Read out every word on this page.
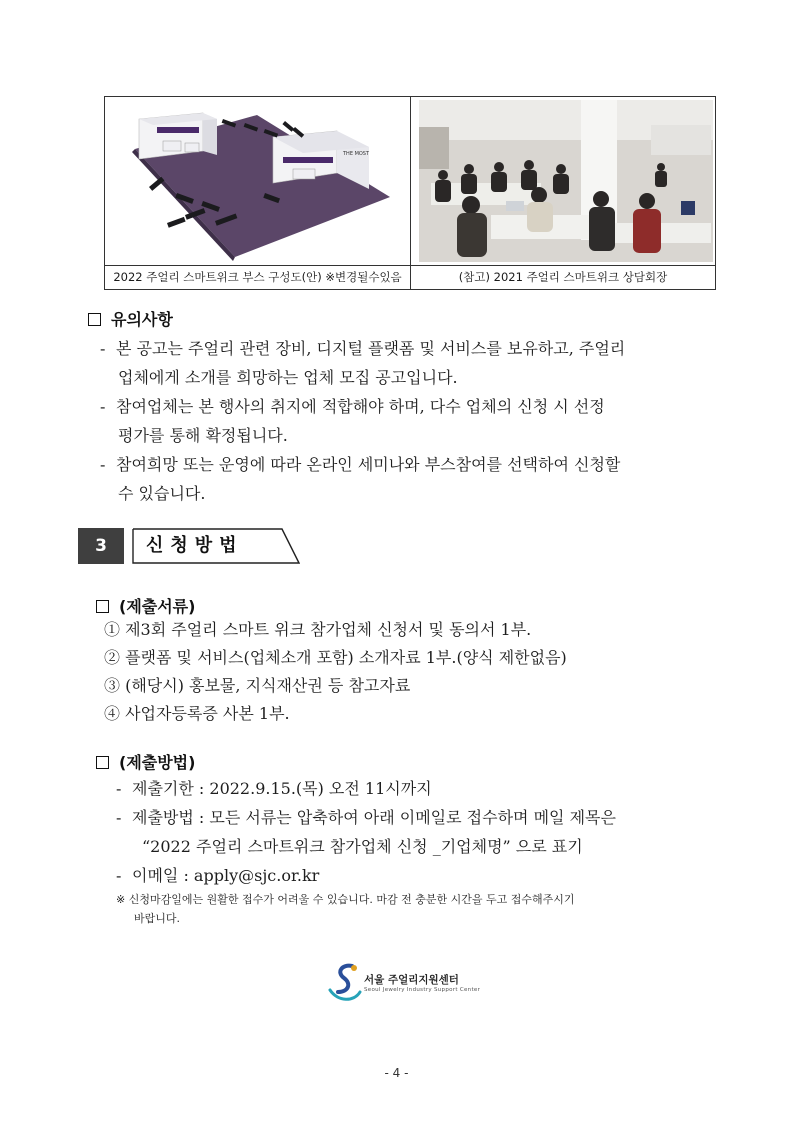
THE MOST
2022 주얼리 스마트위크 부스 구성도(안) ※변경될수있음	(참고) 2021 주얼리 스마트위크 상담회장
유의사항
- 본 공고는 주얼리 관련 장비, 디지털 플랫폼 및 서비스를 보유하고, 주얼리
업체에게 소개를 희망하는 업체 모집 공고입니다.
- 참여업체는 본 행사의 취지에 적합해야 하며, 다수 업체의 신청 시 선정
평가를 통해 확정됩니다.
- 참여희망 또는 운영에 따라 온라인 세미나와 부스참여를 선택하여 신청할
수 있습니다.
3	신청방법
(제출서류)
① 제3회 주얼리 스마트 위크 참가업체 신청서 및 동의서 1부.
② 플랫폼 및 서비스(업체소개 포함) 소개자료 1부.(양식 제한없음)
③ (해당시) 홍보물, 지식재산권 등 참고자료
④ 사업자등록증 사본 1부.
(제출방법)
- 제출기한 : 2022.9.15.(목) 오전 11시까지
- 제출방법 : 모든 서류는 압축하여 아래 이메일로 접수하며 메일 제목은
“2022 주얼리 스마트위크 참가업체 신청 _기업체명” 으로 표기
- 이메일 : apply@sjc.or.kr
※ 신청마감일에는 원활한 접수가 어려울 수 있습니다. 마감 전 충분한 시간을 두고 접수해주시기
바랍니다.
서울 주얼리지원센터
Seoul Jewelry Industry Support Center
- 4 -
